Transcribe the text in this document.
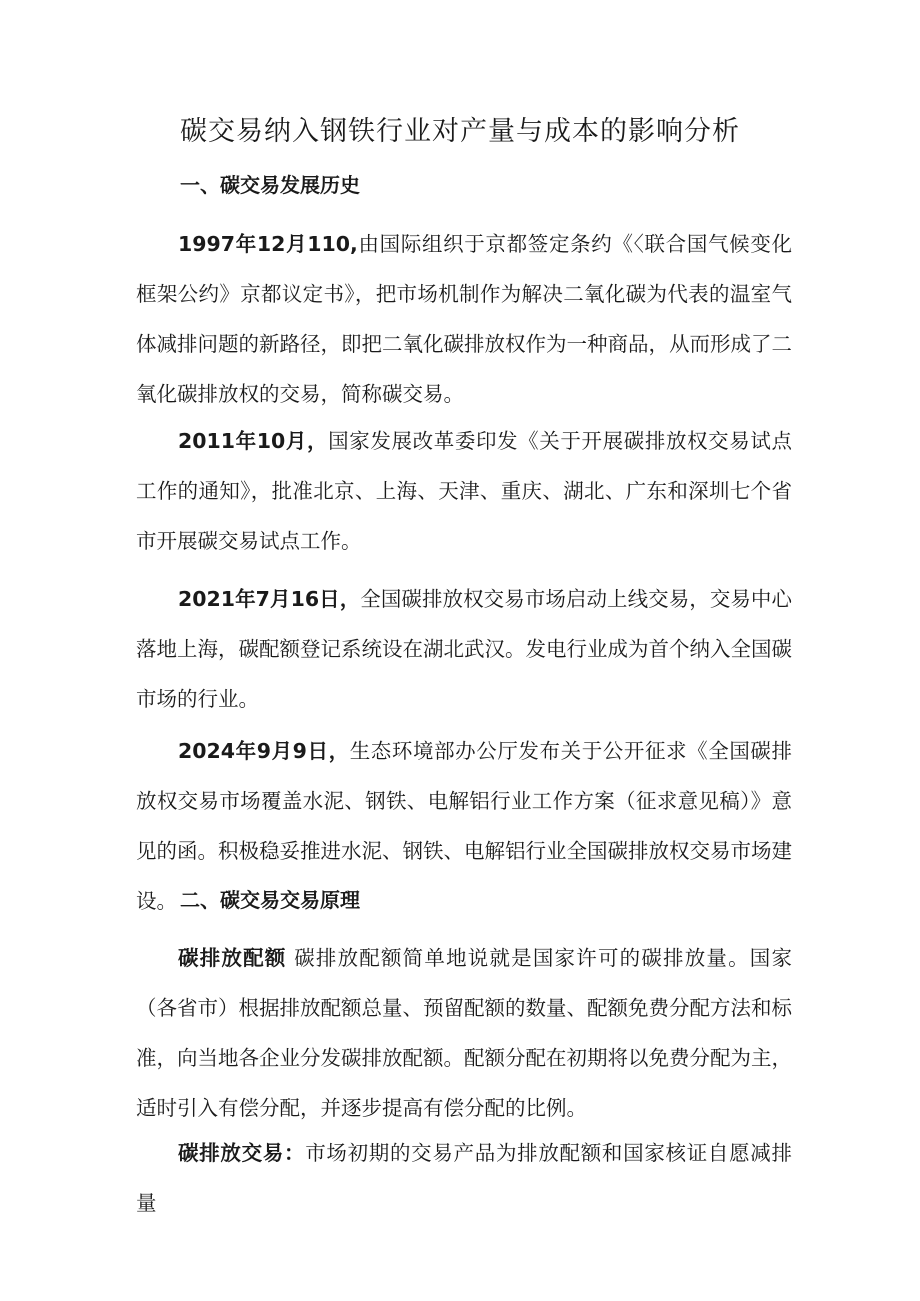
碳交易纳入钢铁行业对产量与成本的影响分析
一、碳交易发展历史

1997年12月110,由国际组织于京都签定条约《〈联合国气候变化框架公约》京都议定书》，把市场机制作为解决二氧化碳为代表的温室气体减排问题的新路径，即把二氧化碳排放权作为一种商品，从而形成了二氧化碳排放权的交易，简称碳交易。

2011年10月，国家发展改革委印发《关于开展碳排放权交易试点工作的通知》，批准北京、上海、天津、重庆、湖北、广东和深圳七个省市开展碳交易试点工作。

2021年7月16日，全国碳排放权交易市场启动上线交易，交易中心落地上海，碳配额登记系统设在湖北武汉。发电行业成为首个纳入全国碳市场的行业。

2024年9月9日，生态环境部办公厅发布关于公开征求《全国碳排放权交易市场覆盖水泥、钢铁、电解铝行业工作方案（征求意见稿）》意见的函。积极稳妥推进水泥、钢铁、电解铝行业全国碳排放权交易市场建设。 二、碳交易交易原理

碳排放配额 碳排放配额简单地说就是国家许可的碳排放量。国家（各省市）根据排放配额总量、预留配额的数量、配额免费分配方法和标准，向当地各企业分发碳排放配额。配额分配在初期将以免费分配为主，适时引入有偿分配，并逐步提高有偿分配的比例。

碳排放交易：市场初期的交易产品为排放配额和国家核证自愿减排量
